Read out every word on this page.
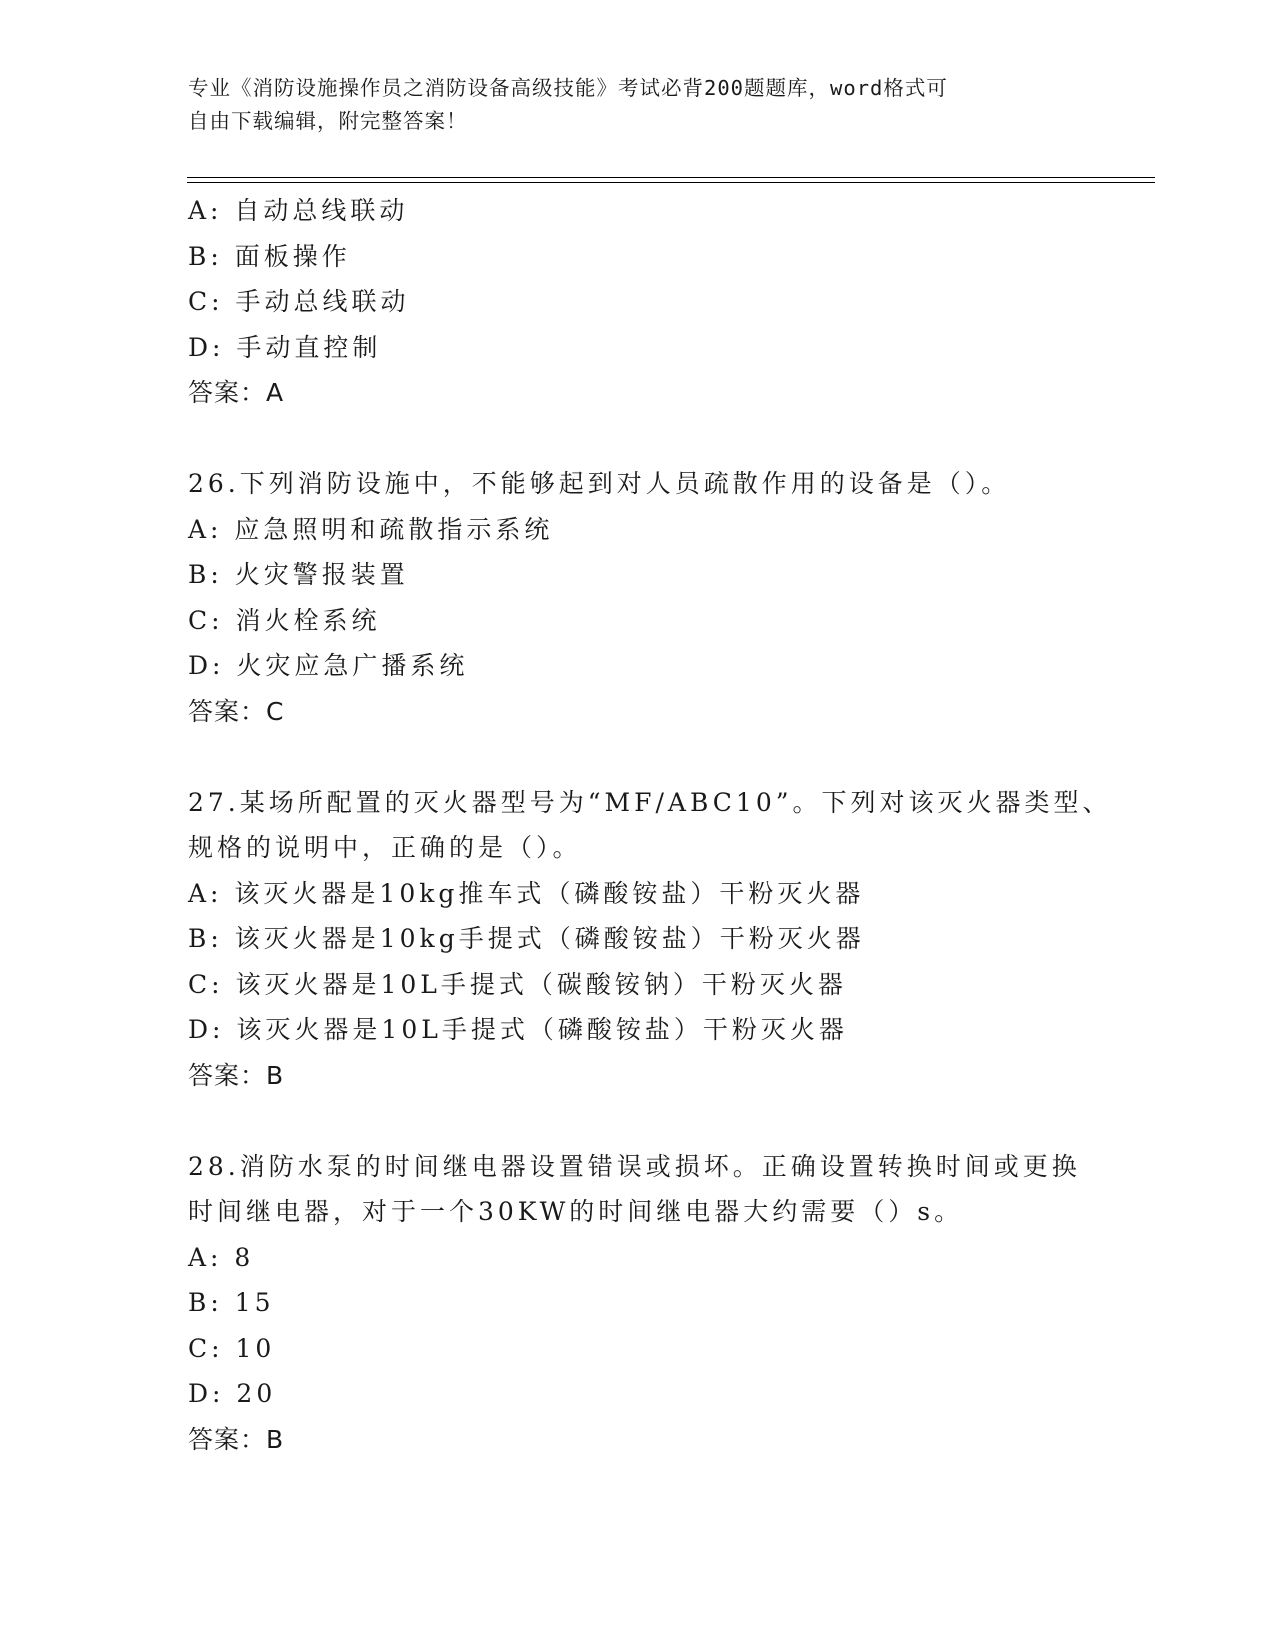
专业《消防设施操作员之消防设备高级技能》考试必背200题题库，word格式可
自由下载编辑，附完整答案！
A: 自动总线联动
B: 面板操作
C: 手动总线联动
D: 手动直控制
答案：A
26.下列消防设施中，不能够起到对人员疏散作用的设备是（）。
A: 应急照明和疏散指示系统
B: 火灾警报装置
C: 消火栓系统
D: 火灾应急广播系统
答案：C
27.某场所配置的灭火器型号为“MF/ABC10”。下列对该灭火器类型、
规格的说明中，正确的是（）。
A: 该灭火器是10kg推车式（磷酸铵盐）干粉灭火器
B: 该灭火器是10kg手提式（磷酸铵盐）干粉灭火器
C: 该灭火器是10L手提式（碳酸铵钠）干粉灭火器
D: 该灭火器是10L手提式（磷酸铵盐）干粉灭火器
答案：B
28.消防水泵的时间继电器设置错误或损坏。正确设置转换时间或更换
时间继电器，对于一个30KW的时间继电器大约需要（）s。
A: 8
B: 15
C: 10
D: 20
答案：B
